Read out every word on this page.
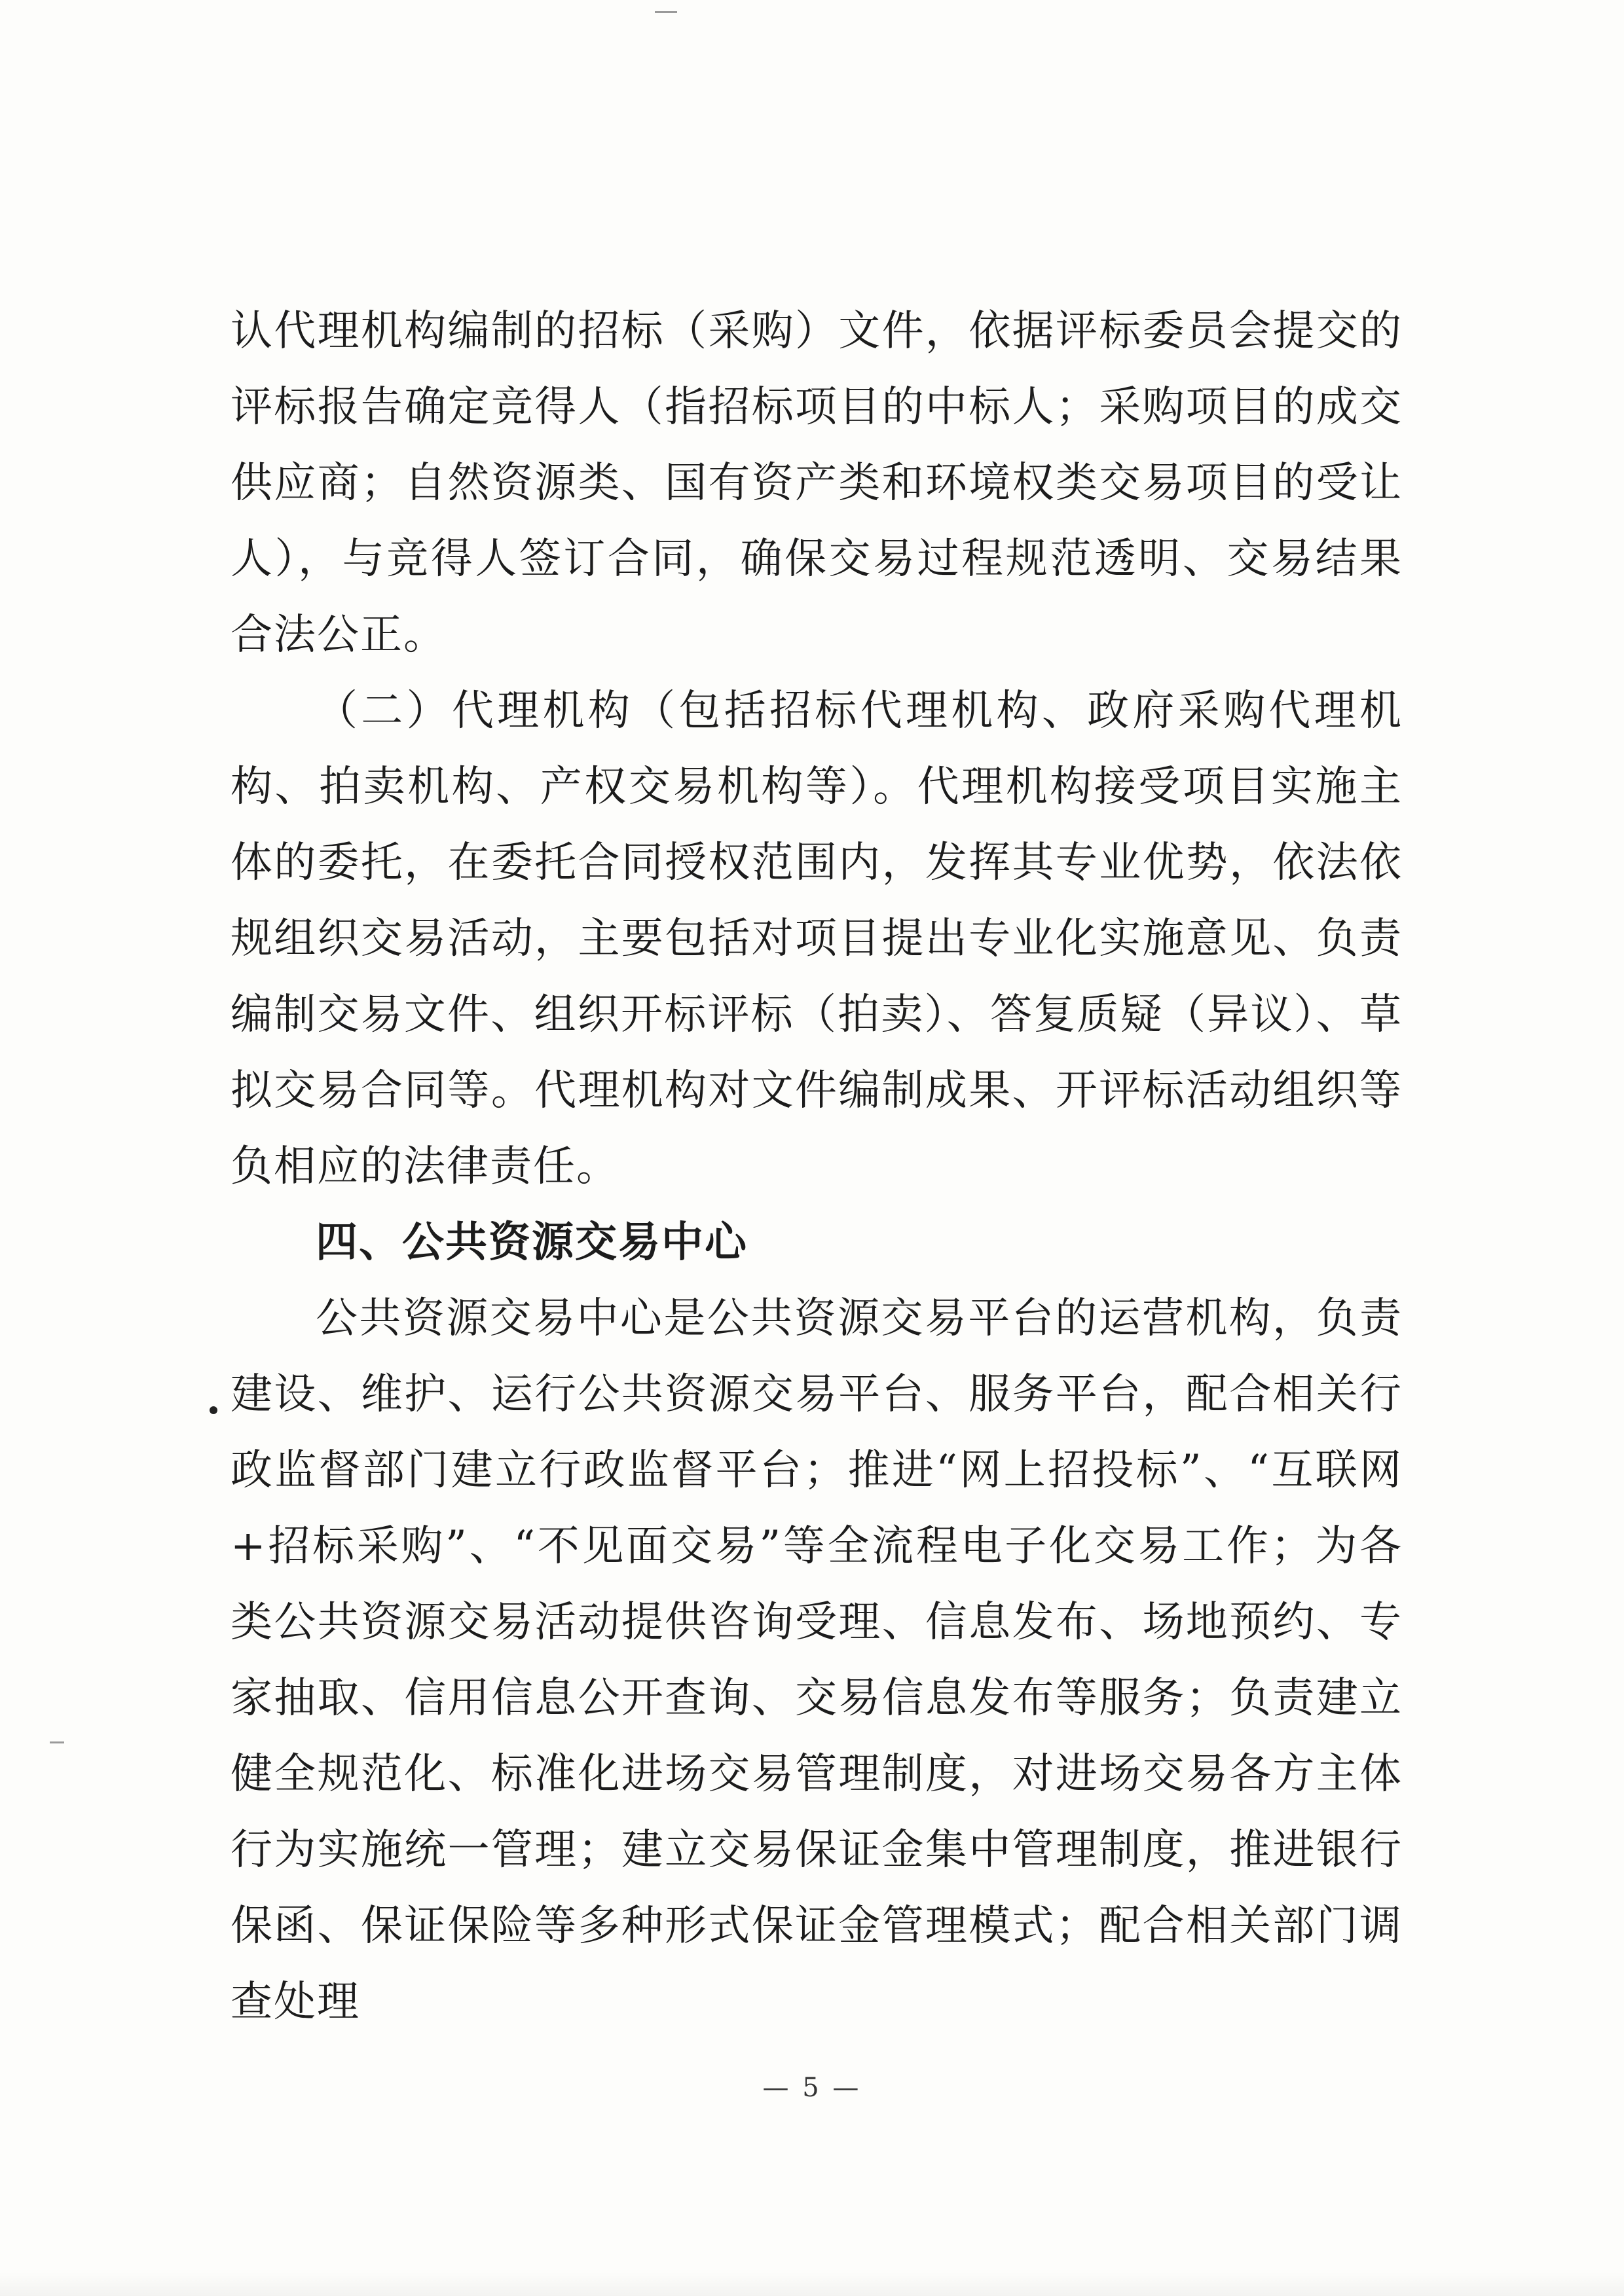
认代理机构编制的招标（采购）文件，依据评标委员会提交的评标报告确定竞得人（指招标项目的中标人；采购项目的成交供应商；自然资源类、国有资产类和环境权类交易项目的受让人），与竞得人签订合同，确保交易过程规范透明、交易结果合法公正。

（二）代理机构（包括招标代理机构、政府采购代理机构、拍卖机构、产权交易机构等）。代理机构接受项目实施主体的委托，在委托合同授权范围内，发挥其专业优势，依法依规组织交易活动，主要包括对项目提出专业化实施意见、负责编制交易文件、组织开标评标（拍卖）、答复质疑（异议）、草拟交易合同等。代理机构对文件编制成果、开评标活动组织等负相应的法律责任。

四、公共资源交易中心

公共资源交易中心是公共资源交易平台的运营机构，负责建设、维护、运行公共资源交易平台、服务平台，配合相关行政监督部门建立行政监督平台；推进“网上招投标”、“互联网+招标采购”、“不见面交易”等全流程电子化交易工作；为各类公共资源交易活动提供咨询受理、信息发布、场地预约、专家抽取、信用信息公开查询、交易信息发布等服务；负责建立健全规范化、标准化进场交易管理制度，对进场交易各方主体行为实施统一管理；建立交易保证金集中管理制度，推进银行保函、保证保险等多种形式保证金管理模式；配合相关部门调查处理

— 5 —
